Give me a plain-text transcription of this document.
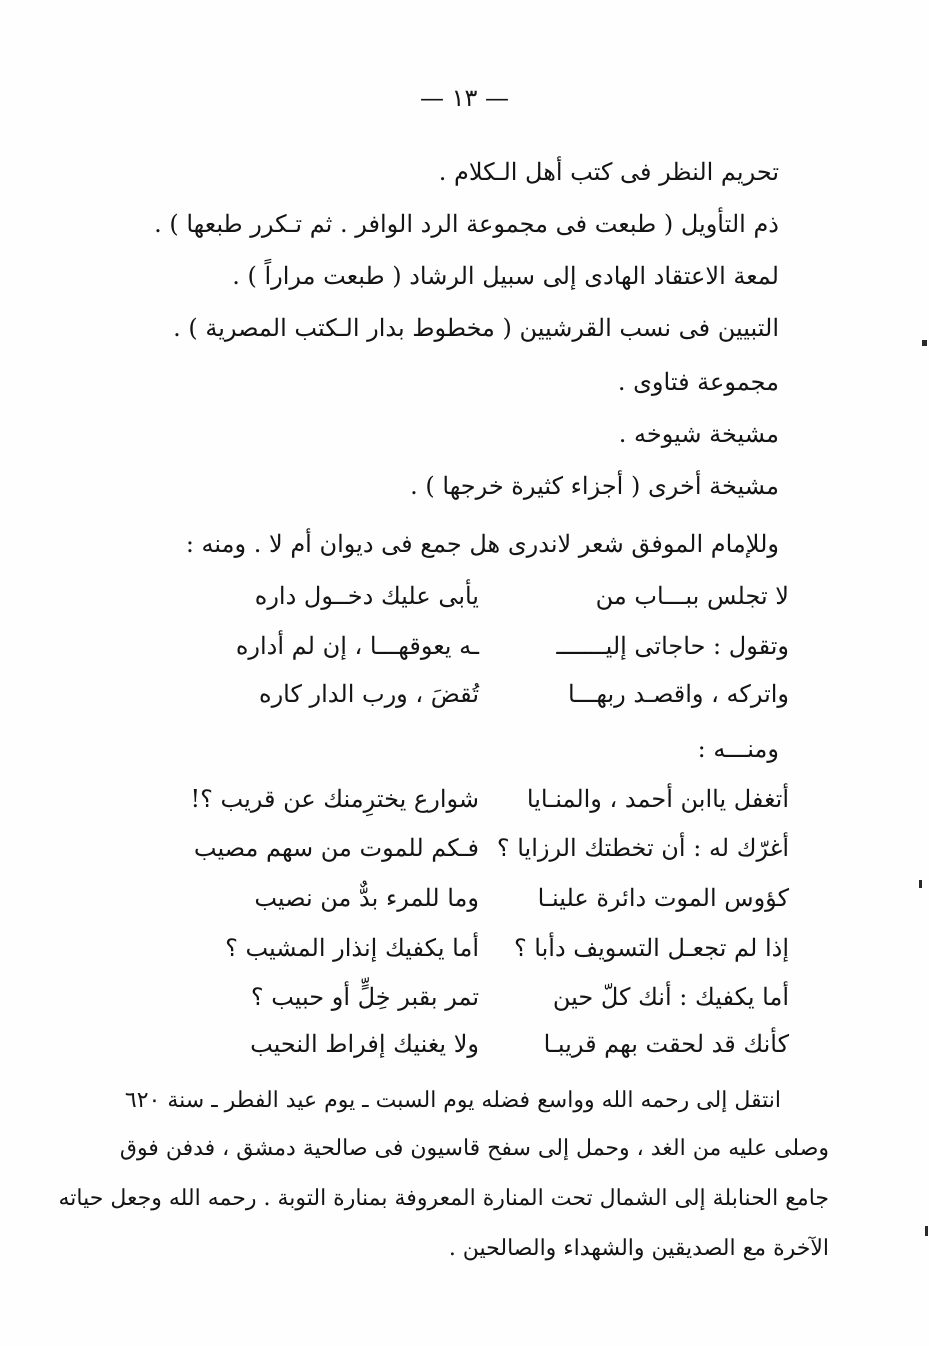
— ١٣ —
تحريم النظر فى كتب أهل الـكلام .
ذم التأويل ( طبعت فى مجموعة الرد الوافر . ثم تـكرر طبعها ) .
لمعة الاعتقاد الهادى إلى سبيل الرشاد ( طبعت مراراً ) .
التبيين فى نسب القرشيين ( مخطوط بدار الـكتب المصرية ) .
مجموعة فتاوى .
مشيخة شيوخه .
مشيخة أخرى ( أجزاء كثيرة خرجها ) .
وللإمام الموفق شعر لاندرى هل جمع فى ديوان أم لا . ومنه :
لا تجلس ببـــاب من
يأبى عليك دخــول داره
وتقول : حاجاتى إليـــــــ
ـه يعوقهـــا ، إن لم أداره
واتركه ، واقصـد ربهـــا
تُقضَ ، ورب الدار كاره
ومنـــه :
أتغفل ياابن أحمد ، والمنـايا
شوارع يخترِمنك عن قريب ؟!
أغرّك له : أن تخطتك الرزايا ؟
فـكم للموت من سهم مصيب
كؤوس الموت دائرة علينـا
وما للمرء بدٌّ من نصيب
إذا لم تجعـل التسويف دأبا ؟
أما يكفيك إنذار المشيب ؟
أما يكفيك : أنك كلّ حين
تمر بقبر خِلٍّ أو حبيب ؟
كأنك قد لحقت بهم قريبـا
ولا يغنيك إفراط النحيب
انتقل إلى رحمه الله وواسع فضله يوم السبت ـ يوم عيد الفطر ـ سنة ٦٢٠
وصلى عليه من الغد ، وحمل إلى سفح قاسيون فى صالحية دمشق ، فدفن فوق
جامع الحنابلة إلى الشمال تحت المنارة المعروفة بمنارة التوبة . رحمه الله وجعل حياته
الآخرة مع الصديقين والشهداء والصالحين .
